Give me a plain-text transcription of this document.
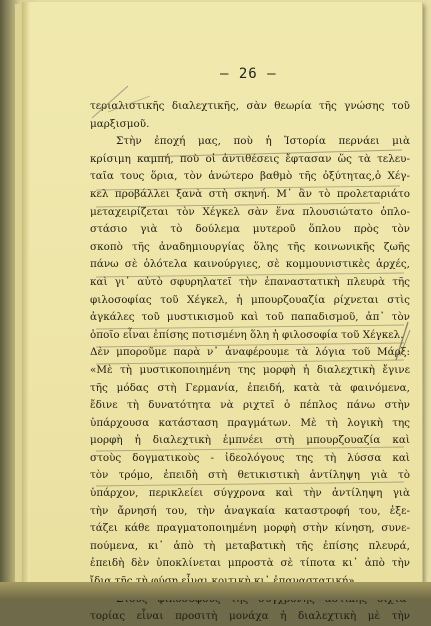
— 26 —
τεριαλιστικῆς διαλεχτικῆς, σὰν θεωρία τῆς γνώσης τοῦ
μαρξισμοῦ.
Στὴν ἐποχή μας, ποὺ ἡ Ἱστορία περνάει μιὰ
κρίσιμη καμπή, ποὺ οἱ ἀντιθέσεις ἔφτασαν ὥς τὰ τελευ-
ταῖα τους ὅρια, τὸν ἀνώτερο βαθμὸ τῆς ὀξύτητας,ὁ Χέγ-
κελ προβάλλει ξανὰ στὴ σκηνή. Μ᾽ ἂν τὸ προλεταριάτο
μεταχειρίζεται τὸν Χέγκελ σὰν ἕνα πλουσιώτατο ὁπλο-
στάσιο γιὰ τὸ δούλεμα μυτεροῦ ὅπλου πρὸς τὸν
σκοπὸ τῆς ἀναδημιουργίας ὅλης τῆς κοινωνικῆς ζωῆς
πάνω σὲ ὁλότελα καινούργιες, σὲ κομμουνιστικὲς ἀρχές,
καὶ γι᾽ αὐτὸ σφυρηλατεῖ τὴν ἐπαναστατικὴ πλευρὰ τῆς
φιλοσοφίας τοῦ Χέγκελ, ἡ μπουρζουαζία ρίχνεται στὶς
ἀγκάλες τοῦ μυστικισμοῦ καὶ τοῦ παπαδισμοῦ, ἀπ᾽ τὸν
ὁποῖο εἶναι ἐπίσης ποτισμένη ὅλη ἡ φιλοσοφία τοῦ Χέγκελ.
Δὲν μποροῦμε παρὰ ν᾽ ἀναφέρουμε τὰ λόγια τοῦ Μάρξ:
«Μὲ τὴ μυστικοποιημένη της μορφὴ ἡ διαλεχτικὴ ἔγινε
τῆς μόδας στὴ Γερμανία, ἐπειδή, κατὰ τὰ φαινόμενα,
ἔδινε τὴ δυνατότητα νὰ ριχτεῖ ὁ πέπλος πάνω στὴν
ὑπάρχουσα κατάσταση πραγμάτων. Μὲ τὴ λογικὴ της
μορφὴ ἡ διαλεχτικὴ ἐμπνέει στὴ μπουρζουαζία καὶ
στοὺς δογματικοὺς - ἰδεολόγους της τὴ λύσσα καὶ
τὸν τρόμο, ἐπειδὴ στὴ θετικιστικὴ ἀντίληψη γιὰ τὸ
ὑπάρχον, περικλείει σύγχρονα καὶ τὴν ἀντίληψη γιὰ
τὴν ἄρνησή του, τὴν ἀναγκαία καταστροφή του, ἐξε-
τάζει κάθε πραγματοποιημένη μορφὴ στὴν κίνηση, συνε-
πούμενα, κι᾽ ἀπὸ τὴ μεταβατικὴ τῆς ἐπίσης πλευρά,
ἐπειδὴ δὲν ὑποκλίνεται μπροστὰ σὲ τίποτα κι᾽ ἀπὸ τὴν
τορίας εἶναι προσιτὴ μονάχα ἡ διαλεχτικὴ μὲ τὴν
